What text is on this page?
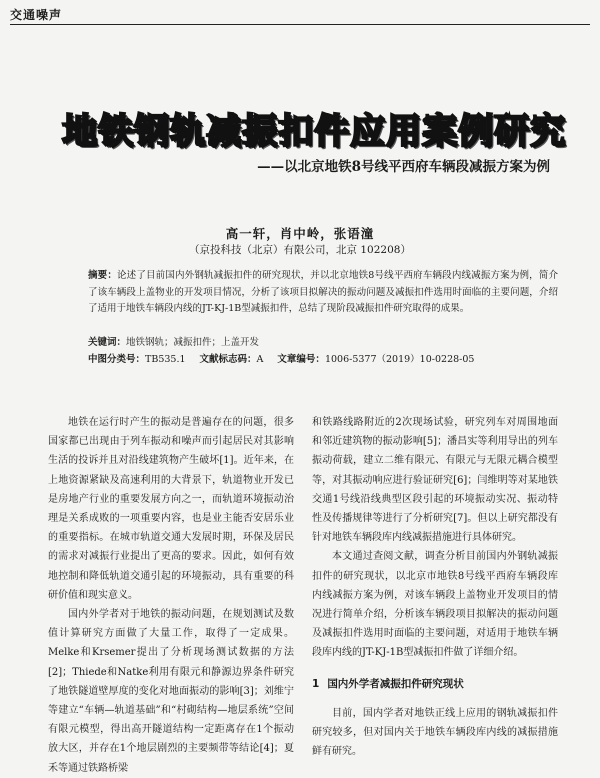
交通噪声
地铁钢轨减振扣件应用案例研究
——以北京地铁8号线平西府车辆段减振方案为例
高一轩，肖中岭，张语潼
（京投科技（北京）有限公司，北京 102208）

摘要：论述了目前国内外钢轨减振扣件的研究现状，并以北京地铁8号线平西府车辆段内线减振方案为例，简介了该车辆段上盖物业的开发项目情况，分析了该项目拟解决的振动问题及减振扣件选用时面临的主要问题，介绍了适用于地铁车辆段内线的JT-KJ-1B型减振扣件，总结了现阶段减振扣件研究取得的成果。

关键词：地铁钢轨；减振扣件；上盖开发
中图分类号：TB535.1 文献标志码：A 文章编号：1006-5377（2019）10-0228-05

地铁在运行时产生的振动是普遍存在的问题，很多国家都已出现由于列车振动和噪声而引起居民对其影响生活的投诉并且对沿线建筑物产生破坏[1]。近年来，在上地资源紧缺及高速利用的大背景下，轨道物业开发已是房地产行业的重要发展方向之一，而轨道环境振动治理是关系成败的一项重要内容，也是业主能否安居乐业的重要指标。在城市轨道交通大发展时期，环保及居民的需求对减振行业提出了更高的要求。因此，如何有效地控制和降低轨道交通引起的环境振动，具有重要的科研价值和现实意义。

国内外学者对于地铁的振动问题，在规划测试及数值计算研究方面做了大量工作，取得了一定成果。Melke和Krsemer提出了分析现场测试数据的方法[2]；Thiede和Natke利用有限元和静源边界条件研究了地铁隧道壁厚度的变化对地面振动的影响[3]；刘维宁等建立“车辆—轨道基础”和“村砌结构—地层系统”空间有限元模型，得出高开隧道结构一定距离存在1个振动放大区，并存在1个地层剧烈的主要频带等结论[4]；夏禾等通过铁路桥梁

和铁路线路附近的2次现场试验，研究列车对周围地面和邻近建筑物的振动影响[5]；潘昌实等利用导出的列车振动荷载，建立二维有限元、有限元与无限元耦合模型等，对其振动响应进行验证研究[6]；闫维明等对某地铁交通1号线沿线典型区段引起的环境振动实况、振动特性及传播规律等进行了分析研究[7]。但以上研究都没有针对地铁车辆段库内线减振措施进行具体研究。

本文通过查阅文献，调查分析目前国内外钢轨减振扣件的研究现状，以北京市地铁8号线平西府车辆段库内线减振方案为例，对该车辆段上盖物业开发项目的情况进行简单介绍，分析该车辆段项目拟解决的振动问题及减振扣件选用时面临的主要问题，对适用于地铁车辆段库内线的JT-KJ-1B型减振扣件做了详细介绍。

1 国内外学者减振扣件研究现状

目前，国内学者对地铁正线上应用的钢轨减振扣件研究较多，但对国内关于地铁车辆段库内线的减振措施鲜有研究。
